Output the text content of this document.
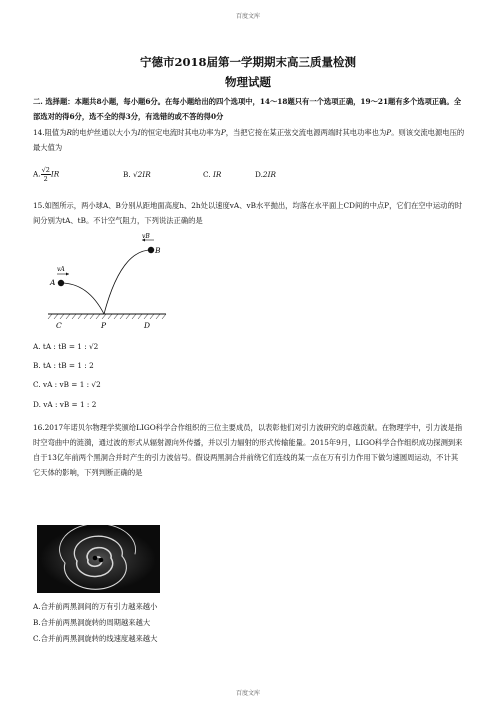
百度文库
宁德市2018届第一学期期末高三质量检测
物理试题
二. 选择题：本题共8小题，每小题6分。在每小题给出的四个选项中，14～18题只有一个选项正确，19～21题有多个选项正确。全部选对的得6分，选不全的得3分，有选错的或不答的得0分
14.阻值为R的电炉丝通以大小为I的恒定电流时其电功率为P，当把它接在某正弦交流电源两端时其电功率也为P。则该交流电源电压的最大值为
A. $\frac{√2}{2}$ IR	B. √2IR	C. IR	D.2IR
15.如图所示，两小球A、B分别从距地面高度h、2h处以速度vA、vB水平抛出，均落在水平面上CD间的中点P，它们在空中运动的时间分别为tA、tB。不计空气阻力，下列说法正确的是
vA
vB
A
B
C	P	D
A. tA : tB = 1 : √2
B. tA : tB = 1 : 2
C. vA : vB = 1 : √2
D. vA : vB = 1 : 2
16.2017年诺贝尔物理学奖颁给LIGO科学合作组织的三位主要成员，以表彰他们对引力波研究的卓越贡献。在物理学中，引力波是指时空弯曲中的涟漪，通过波的形式从辐射源向外传播，并以引力辐射的形式传输能量。2015年9月，LIGO科学合作组织成功探测到来自于13亿年前两个黑洞合并时产生的引力波信号。假设两黑洞合并前绕它们连线的某一点在万有引力作用下做匀速圆周运动，不计其它天体的影响，下列判断正确的是
A.合并前两黑洞间的万有引力越来越小
B.合并前两黑洞旋转的周期越来越大
C.合并前两黑洞旋转的线速度越来越大
百度文库
